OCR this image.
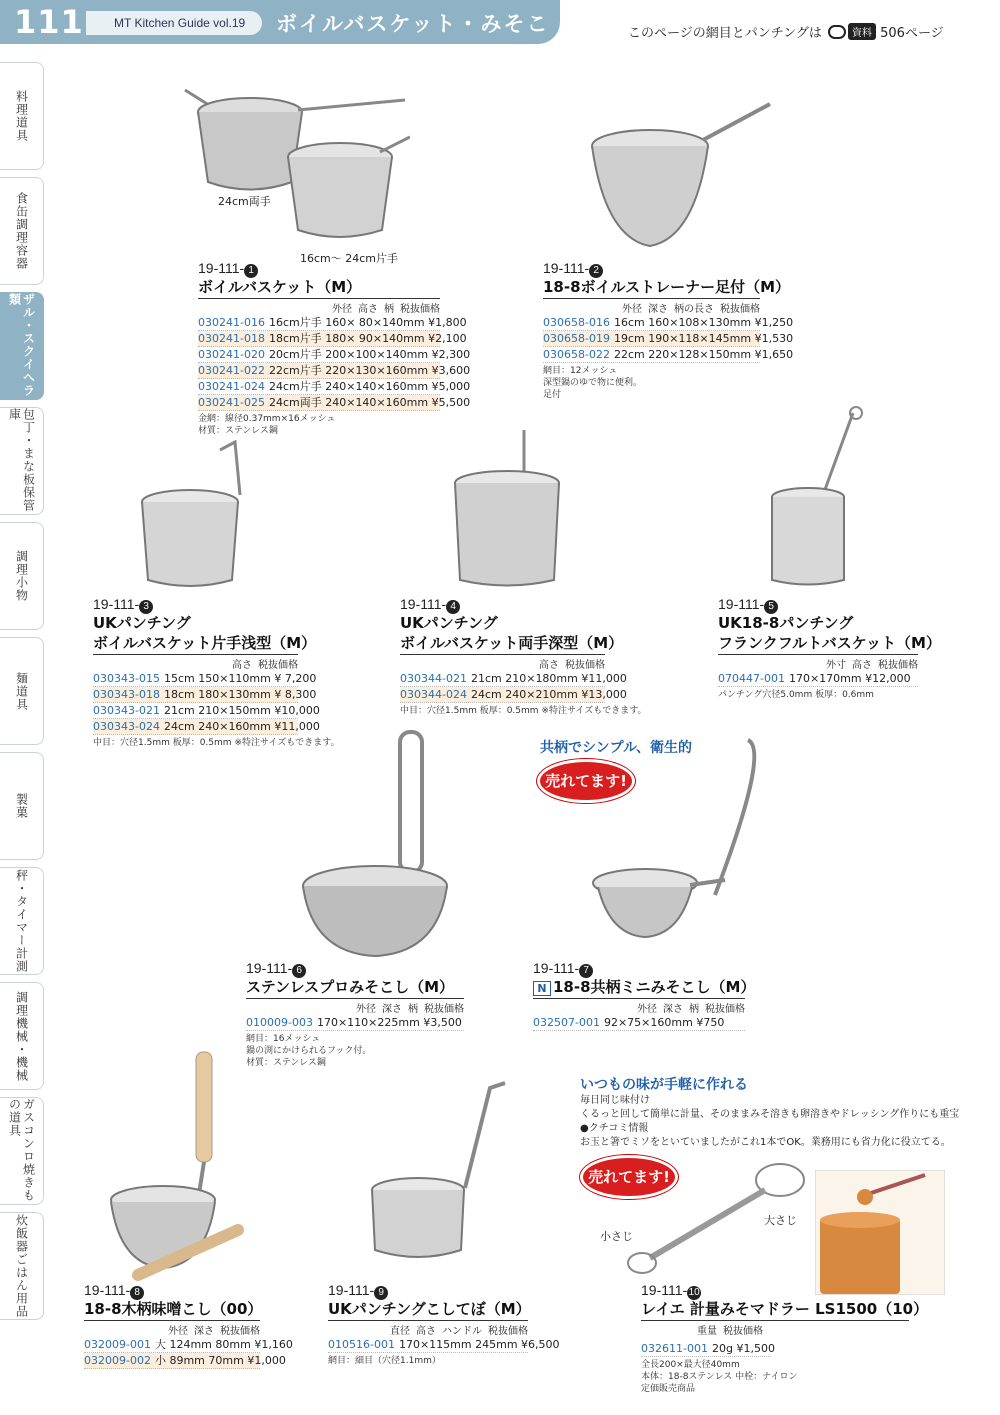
111	MT Kitchen Guide vol.19	ボイルバスケット・みそこし
このページの網目とパンチングは	資料 506ページ
料理道具
食缶調理容器
ザル・スクイへラ類
包丁・まな板保管庫
調理小物
麺道具
製菓
秤・タイマー計測
調理機械・機械
ガスコンロ焼きもの道具
炊飯器ごはん用品
24cm両手
16cm～ 24cm片手
小さじ
大さじ
共柄でシンプル、衛生的
売れてます!
いつもの味が手軽に作れる
毎日同じ味付け
くるっと回して簡単に計量、そのままみそ溶きも卵溶きやドレッシング作りにも重宝
●クチコミ情報
お玉と箸でミソをといていましたがこれ1本でOK。業務用にも省力化に役立てる。
売れてます!
19-111- 1
ボイルバスケット（M）
外径 高さ 柄 税抜価格
030241-016 16cm片手 160× 80×140mm ¥1,800
030241-018 18cm片手 180× 90×140mm ¥2,100
030241-020 20cm片手 200×100×140mm ¥2,300
030241-022 22cm片手 220×130×160mm ¥3,600
030241-024 24cm片手 240×140×160mm ¥5,000
030241-025 24cm両手 240×140×160mm ¥5,500
金網：線径0.37mm×16メッシュ
材質：ステンレス鋼
19-111- 2
18-8ボイルストレーナー足付（M）
外径 深さ 柄の長さ 税抜価格
030658-016 16cm 160×108×130mm ¥1,250
030658-019 19cm 190×118×145mm ¥1,530
030658-022 22cm 220×128×150mm ¥1,650
網目：12メッシュ
深型鍋のゆで物に便利。
足付
19-111- 3
UKパンチング
ボイルバスケット片手浅型（M）
高さ 税抜価格
030343-015 15cm 150×110mm ¥ 7,200
030343-018 18cm 180×130mm ¥ 8,300
030343-021 21cm 210×150mm ¥10,000
030343-024 24cm 240×160mm ¥11,000
中目：穴径1.5mm 板厚：0.5mm ※特注サイズもできます。
19-111- 4
UKパンチング
ボイルバスケット両手深型（M）
高さ 税抜価格
030344-021 21cm 210×180mm ¥11,000
030344-024 24cm 240×210mm ¥13,000
中目：穴径1.5mm 板厚：0.5mm ※特注サイズもできます。
19-111- 5
UK18-8パンチング
フランクフルトバスケット（M）
外寸 高さ 税抜価格
070447-001 170×170mm ¥12,000
パンチング穴径5.0mm 板厚：0.6mm
19-111- 6
ステンレスプロみそこし（M）
外径 深さ 柄 税抜価格
010009-003 170×110×225mm ¥3,500
網目：16メッシュ
鍋の渕にかけられるフック付。
材質：ステンレス鋼
19-111- 7
N 18-8共柄ミニみそこし（M）
外径 深さ 柄 税抜価格
032507-001 92×75×160mm ¥750
19-111- 8
18-8木柄味噌こし（00）
外径 深さ 税抜価格
032009-001 大 124mm 80mm ¥1,160
032009-002 小 89mm 70mm ¥1,000
19-111- 9
UKパンチングこしてぼ（M）
直径 高さ ハンドル 税抜価格
010516-001 170×115mm 245mm ¥6,500
網目：細目（穴径1.1mm）
19-111-10
レイエ 計量みそマドラー LS1500（10）
重量 税抜価格
032611-001 20g ¥1,500
全長200×最大径40mm
本体：18-8ステンレス 中栓：ナイロン
定価販売商品
